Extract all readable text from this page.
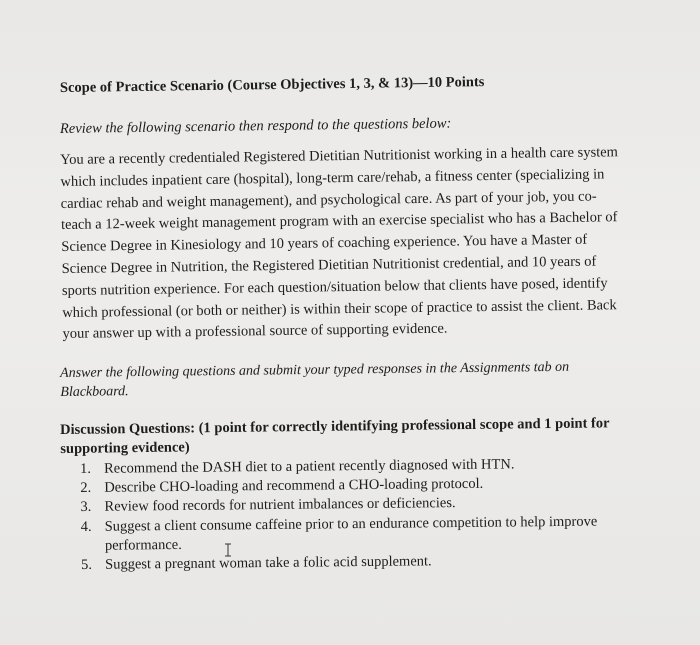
Scope of Practice Scenario (Course Objectives 1, 3, & 13)—10 Points
Review the following scenario then respond to the questions below:
You are a recently credentialed Registered Dietitian Nutritionist working in a health care system
which includes inpatient care (hospital), long-term care/rehab, a fitness center (specializing in
cardiac rehab and weight management), and psychological care. As part of your job, you co-
teach a 12-week weight management program with an exercise specialist who has a Bachelor of
Science Degree in Kinesiology and 10 years of coaching experience. You have a Master of
Science Degree in Nutrition, the Registered Dietitian Nutritionist credential, and 10 years of
sports nutrition experience. For each question/situation below that clients have posed, identify
which professional (or both or neither) is within their scope of practice to assist the client. Back
your answer up with a professional source of supporting evidence.
Answer the following questions and submit your typed responses in the Assignments tab on
Blackboard.
Discussion Questions: (1 point for correctly identifying professional scope and 1 point for
supporting evidence)
1. Recommend the DASH diet to a patient recently diagnosed with HTN.
2. Describe CHO-loading and recommend a CHO-loading protocol.
3. Review food records for nutrient imbalances or deficiencies.
4. Suggest a client consume caffeine prior to an endurance competition to help improve
performance.
5. Suggest a pregnant woman take a folic acid supplement.
